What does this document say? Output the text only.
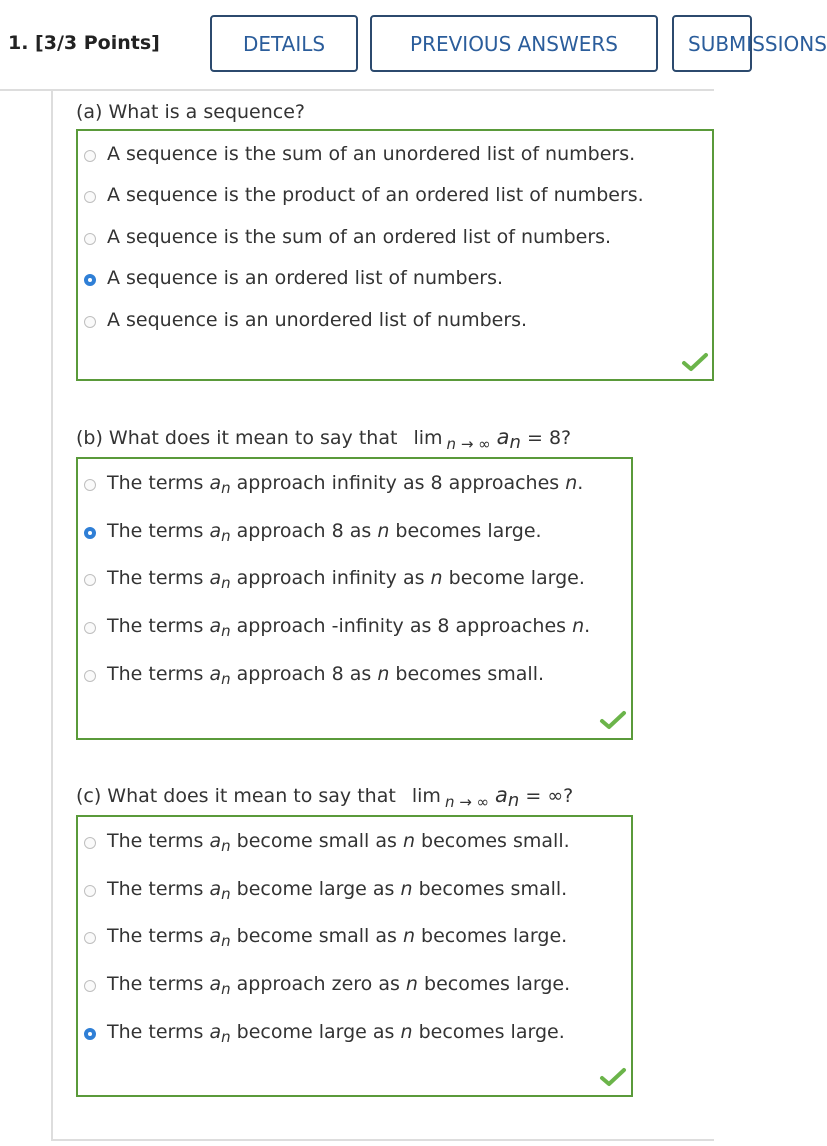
1. [3/3 Points]	DETAILS	PREVIOUS ANSWERS	SUBMISSIONS
(a) What is a sequence?
A sequence is the sum of an unordered list of numbers.
A sequence is the product of an ordered list of numbers.
A sequence is the sum of an ordered list of numbers.
A sequence is an ordered list of numbers.
A sequence is an unordered list of numbers.
(b) What does it mean to say that lim $_{n \to \infty}$ an = 8?
The terms $a_n$ approach infinity as 8 approaches n.
The terms $a_n$ approach 8 as n becomes large.
The terms $a_n$ approach infinity as n become large.
The terms $a_n$ approach -infinity as 8 approaches n.
The terms $a_n$ approach 8 as n becomes small.
(c) What does it mean to say that lim $_{n \to \infty}$ an = ∞?
The terms $a_n$ become small as n becomes small.
The terms $a_n$ become large as n becomes small.
The terms $a_n$ become small as n becomes large.
The terms $a_n$ approach zero as n becomes large.
The terms $a_n$ become large as n becomes large.
